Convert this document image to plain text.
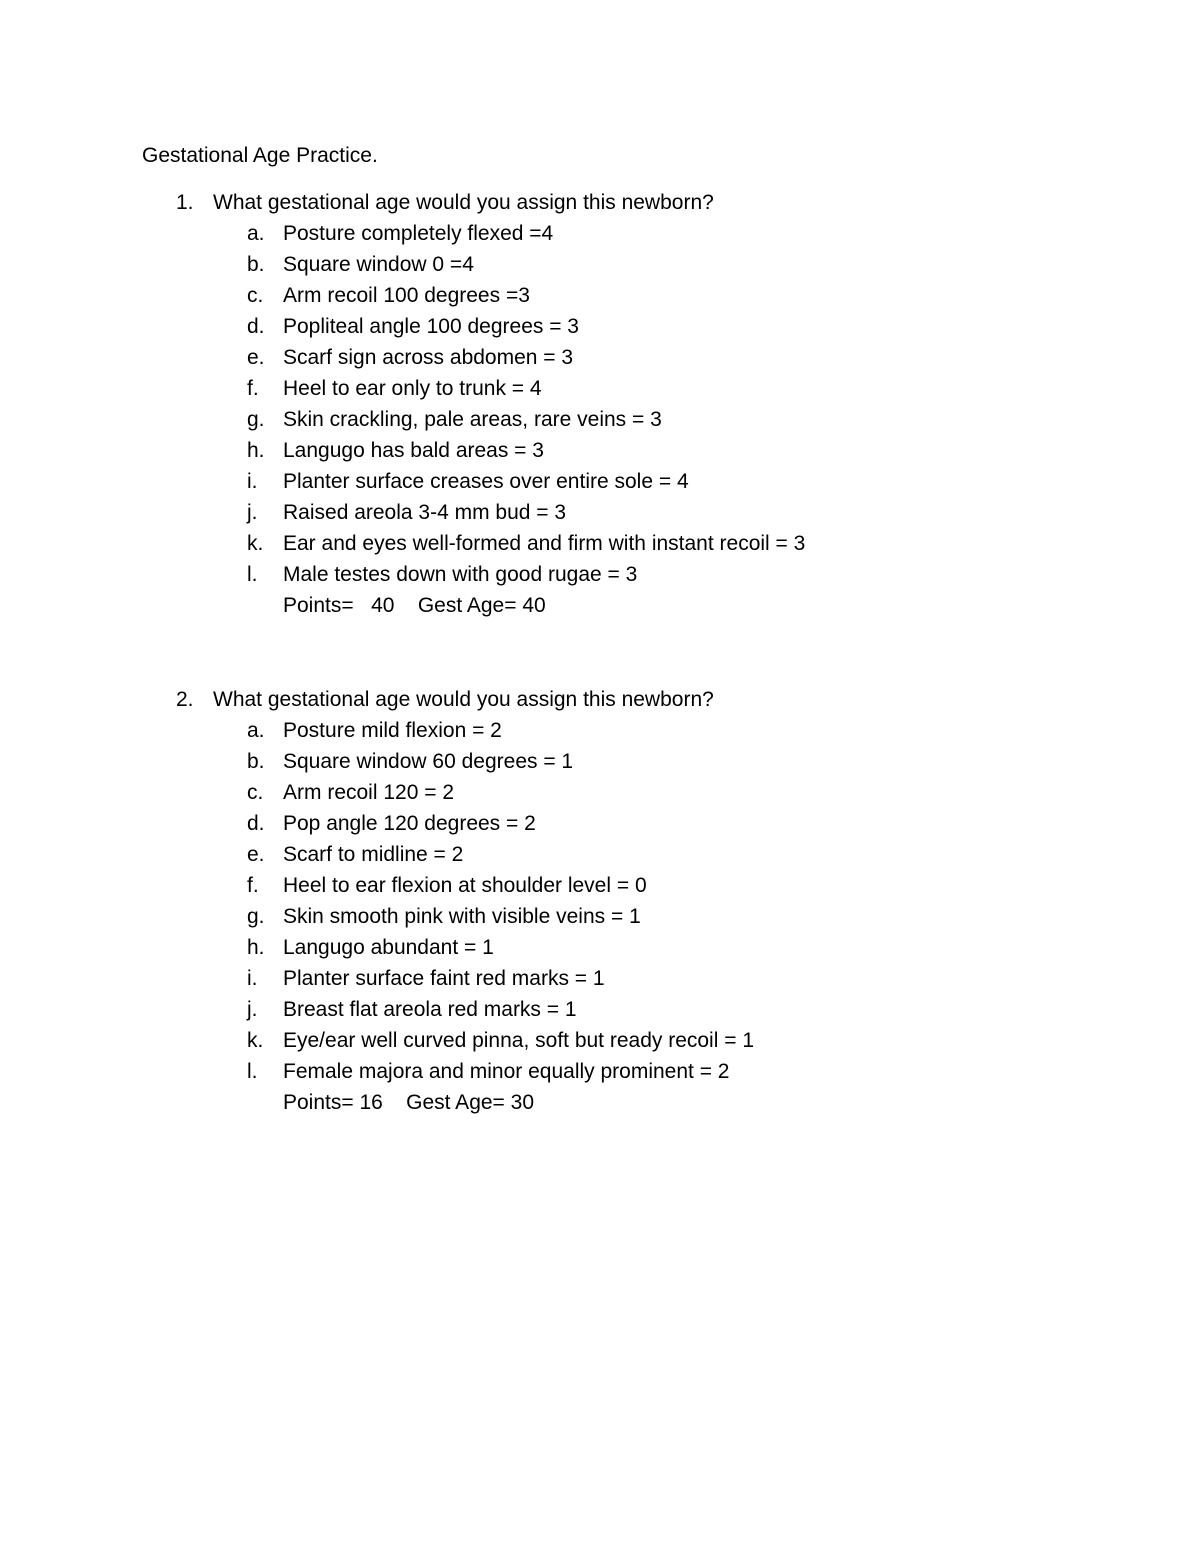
Gestational Age Practice.
1. What gestational age would you assign this newborn?
a. Posture completely flexed =4
b. Square window 0 =4
c. Arm recoil 100 degrees =3
d. Popliteal angle 100 degrees = 3
e. Scarf sign across abdomen = 3
f. Heel to ear only to trunk = 4
g. Skin crackling, pale areas, rare veins = 3
h. Langugo has bald areas = 3
i. Planter surface creases over entire sole = 4
j. Raised areola 3-4 mm bud = 3
k. Ear and eyes well-formed and firm with instant recoil = 3
l. Male testes down with good rugae = 3
Points=   40    Gest Age= 40
2. What gestational age would you assign this newborn?
a. Posture mild flexion = 2
b. Square window 60 degrees = 1
c. Arm recoil 120 = 2
d. Pop angle 120 degrees = 2
e. Scarf to midline = 2
f. Heel to ear flexion at shoulder level = 0
g. Skin smooth pink with visible veins = 1
h. Langugo abundant = 1
i. Planter surface faint red marks = 1
j. Breast flat areola red marks = 1
k. Eye/ear well curved pinna, soft but ready recoil = 1
l. Female majora and minor equally prominent = 2
Points= 16    Gest Age= 30
